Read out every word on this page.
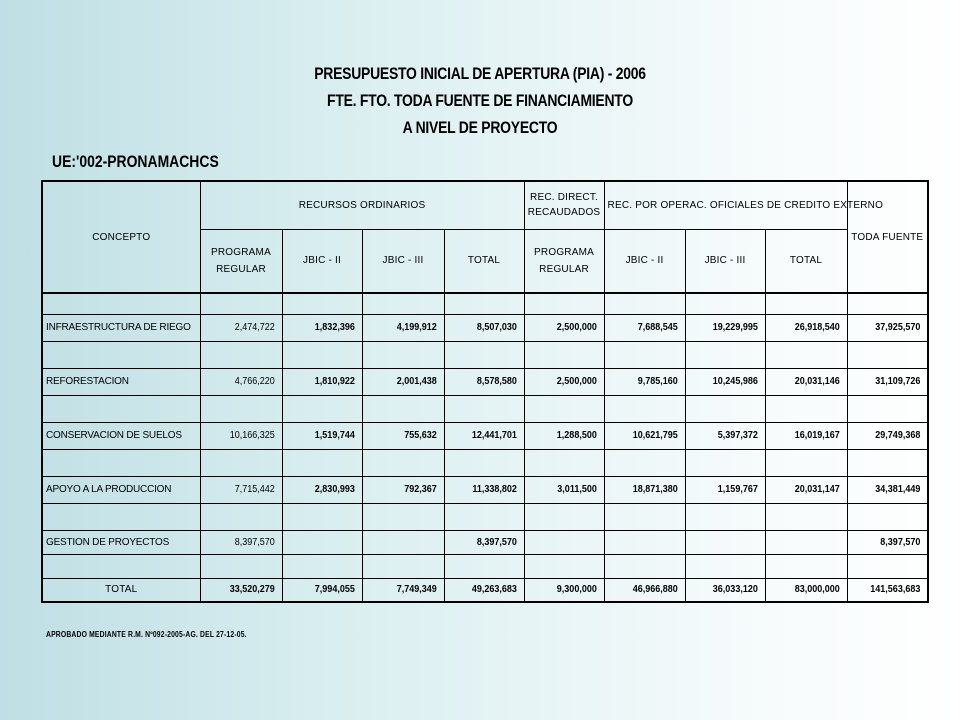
PRESUPUESTO INICIAL DE APERTURA (PIA) - 2006
FTE. FTO. TODA FUENTE DE FINANCIAMIENTO
A NIVEL DE PROYECTO
UE:'002-PRONAMACHCS
CONCEPTO	RECURSOS ORDINARIOS				REC. DIRECT. RECAUDADOS	REC. POR OPERAC. OFICIALES DE CREDITO EXTERNO			TODA FUENTE
	PROGRAMA REGULAR	JBIC - II	JBIC - III	TOTAL	PROGRAMA REGULAR	JBIC - II	JBIC - III	TOTAL	

INFRAESTRUCTURA DE RIEGO	2,474,722	1,832,396	4,199,912	8,507,030	2,500,000	7,688,545	19,229,995	26,918,540	37,925,570

REFORESTACION	4,766,220	1,810,922	2,001,438	8,578,580	2,500,000	9,785,160	10,245,986	20,031,146	31,109,726

CONSERVACION DE SUELOS	10,166,325	1,519,744	755,632	12,441,701	1,288,500	10,621,795	5,397,372	16,019,167	29,749,368

APOYO A LA PRODUCCION	7,715,442	2,830,993	792,367	11,338,802	3,011,500	18,871,380	1,159,767	20,031,147	34,381,449

GESTION DE PROYECTOS	8,397,570			8,397,570					8,397,570

TOTAL	33,520,279	7,994,055	7,749,349	49,263,683	9,300,000	46,966,880	36,033,120	83,000,000	141,563,683
APROBADO MEDIANTE R.M. Nº092-2005-AG. DEL 27-12-05.
